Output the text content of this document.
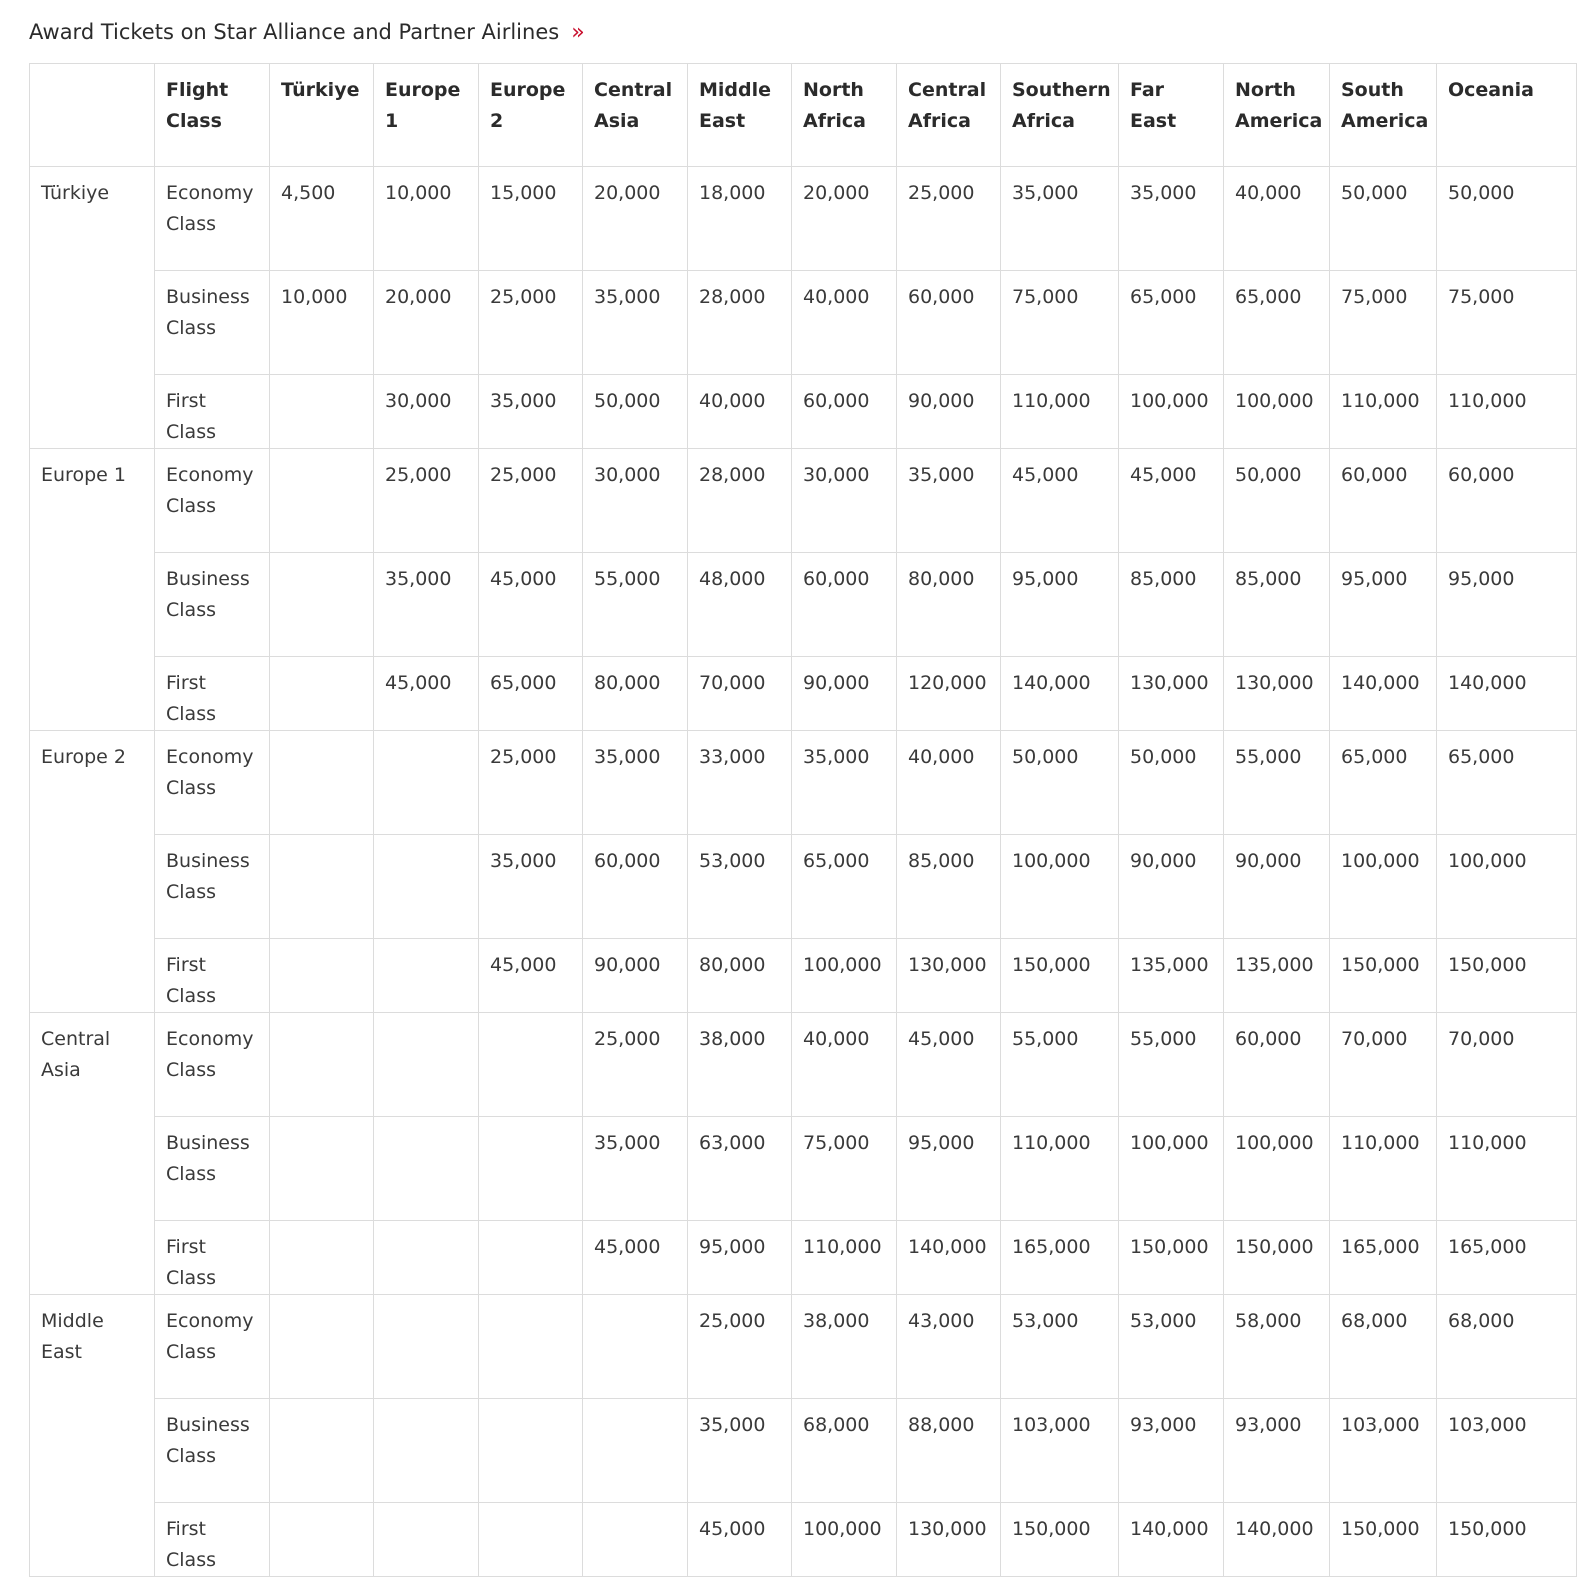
Award Tickets on Star Alliance and Partner Airlines »
	Flight Class	Türkiye	Europe 1	Europe 2	Central Asia	Middle East	North Africa	Central Africa	Southern Africa	Far East	North America	South America	Oceania
Türkiye	Economy Class	4,500	10,000	15,000	20,000	18,000	20,000	25,000	35,000	35,000	40,000	50,000	50,000
	Business Class	10,000	20,000	25,000	35,000	28,000	40,000	60,000	75,000	65,000	65,000	75,000	75,000
	First Class		30,000	35,000	50,000	40,000	60,000	90,000	110,000	100,000	100,000	110,000	110,000
Europe 1	Economy Class		25,000	25,000	30,000	28,000	30,000	35,000	45,000	45,000	50,000	60,000	60,000
	Business Class		35,000	45,000	55,000	48,000	60,000	80,000	95,000	85,000	85,000	95,000	95,000
	First Class		45,000	65,000	80,000	70,000	90,000	120,000	140,000	130,000	130,000	140,000	140,000
Europe 2	Economy Class			25,000	35,000	33,000	35,000	40,000	50,000	50,000	55,000	65,000	65,000
	Business Class			35,000	60,000	53,000	65,000	85,000	100,000	90,000	90,000	100,000	100,000
	First Class			45,000	90,000	80,000	100,000	130,000	150,000	135,000	135,000	150,000	150,000
Central Asia	Economy Class				25,000	38,000	40,000	45,000	55,000	55,000	60,000	70,000	70,000
	Business Class				35,000	63,000	75,000	95,000	110,000	100,000	100,000	110,000	110,000
	First Class				45,000	95,000	110,000	140,000	165,000	150,000	150,000	165,000	165,000
Middle East	Economy Class					25,000	38,000	43,000	53,000	53,000	58,000	68,000	68,000
	Business Class					35,000	68,000	88,000	103,000	93,000	93,000	103,000	103,000
	First Class					45,000	100,000	130,000	150,000	140,000	140,000	150,000	150,000
